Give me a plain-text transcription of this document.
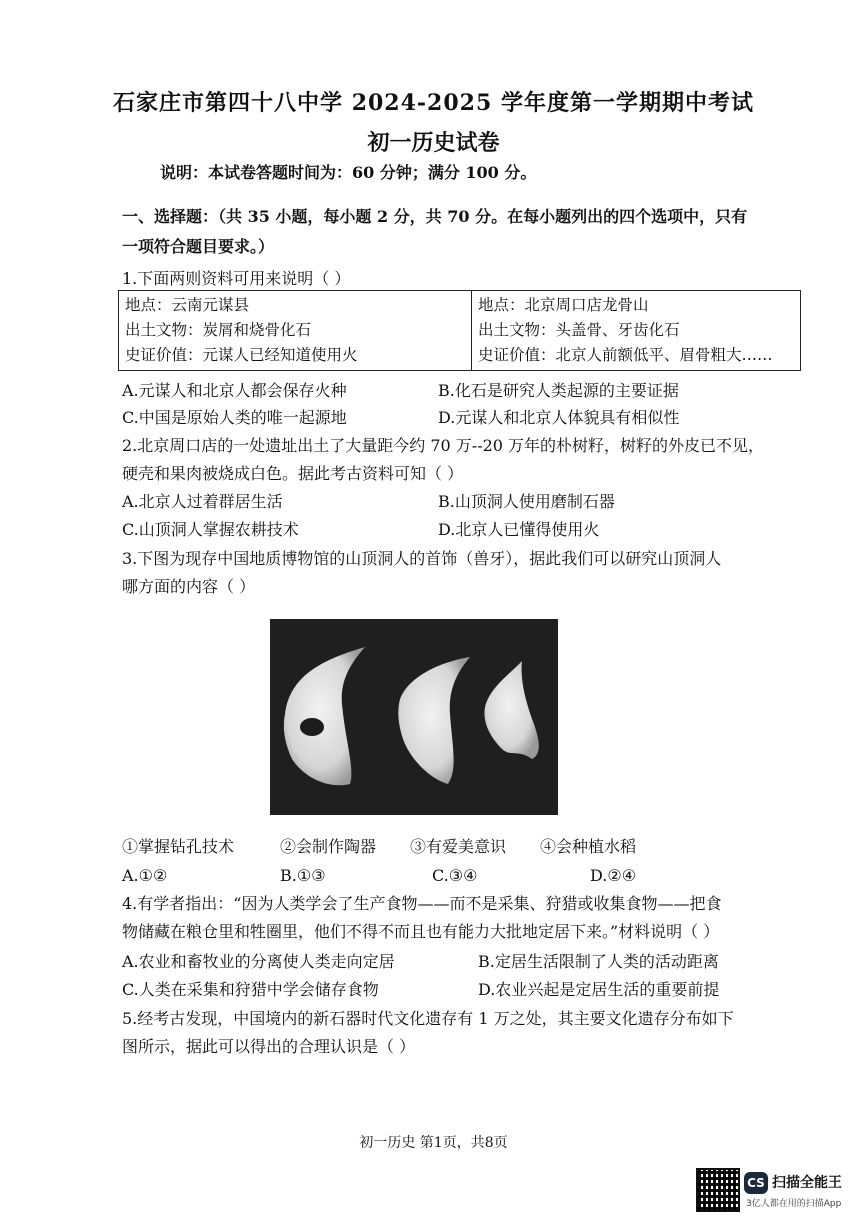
石家庄市第四十八中学 2024-2025 学年度第一学期期中考试
初一历史试卷
说明：本试卷答题时间为：60 分钟；满分 100 分。
一、选择题：（共 35 小题，每小题 2 分，共 70 分。在每小题列出的四个选项中，只有
一项符合题目要求。）
1.下面两则资料可用来说明（ ）
地点：云南元谋县
出土文物：炭屑和烧骨化石
史证价值：元谋人已经知道使用火

地点：北京周口店龙骨山
出土文物：头盖骨、牙齿化石
史证价值：北京人前额低平、眉骨粗大……
A.元谋人和北京人都会保存火种	B.化石是研究人类起源的主要证据
C.中国是原始人类的唯一起源地	D.元谋人和北京人体貌具有相似性
2.北京周口店的一处遗址出土了大量距今约 70 万--20 万年的朴树籽，树籽的外皮已不见，
硬壳和果肉被烧成白色。据此考古资料可知（ ）
A.北京人过着群居生活	B.山顶洞人使用磨制石器
C.山顶洞人掌握农耕技术	D.北京人已懂得使用火
3.下图为现存中国地质博物馆的山顶洞人的首饰（兽牙），据此我们可以研究山顶洞人
哪方面的内容（ ）
①掌握钻孔技术	②会制作陶器 ③有爱美意识 ④会种植水稻
A.①②	B.①③	C.③④	D.②④
4.有学者指出：“因为人类学会了生产食物——而不是采集、狩猎或收集食物——把食
物储藏在粮仓里和牲圈里，他们不得不而且也有能力大批地定居下来。”材料说明（ ）
A.农业和畜牧业的分离使人类走向定居	B.定居生活限制了人类的活动距离
C.人类在采集和狩猎中学会储存食物	D.农业兴起是定居生活的重要前提
5.经考古发现，中国境内的新石器时代文化遗存有 1 万之处，其主要文化遗存分布如下
图所示，据此可以得出的合理认识是（ ）
初一历史 第1页，共8页
CS 扫描全能王
3亿人都在用的扫描App
